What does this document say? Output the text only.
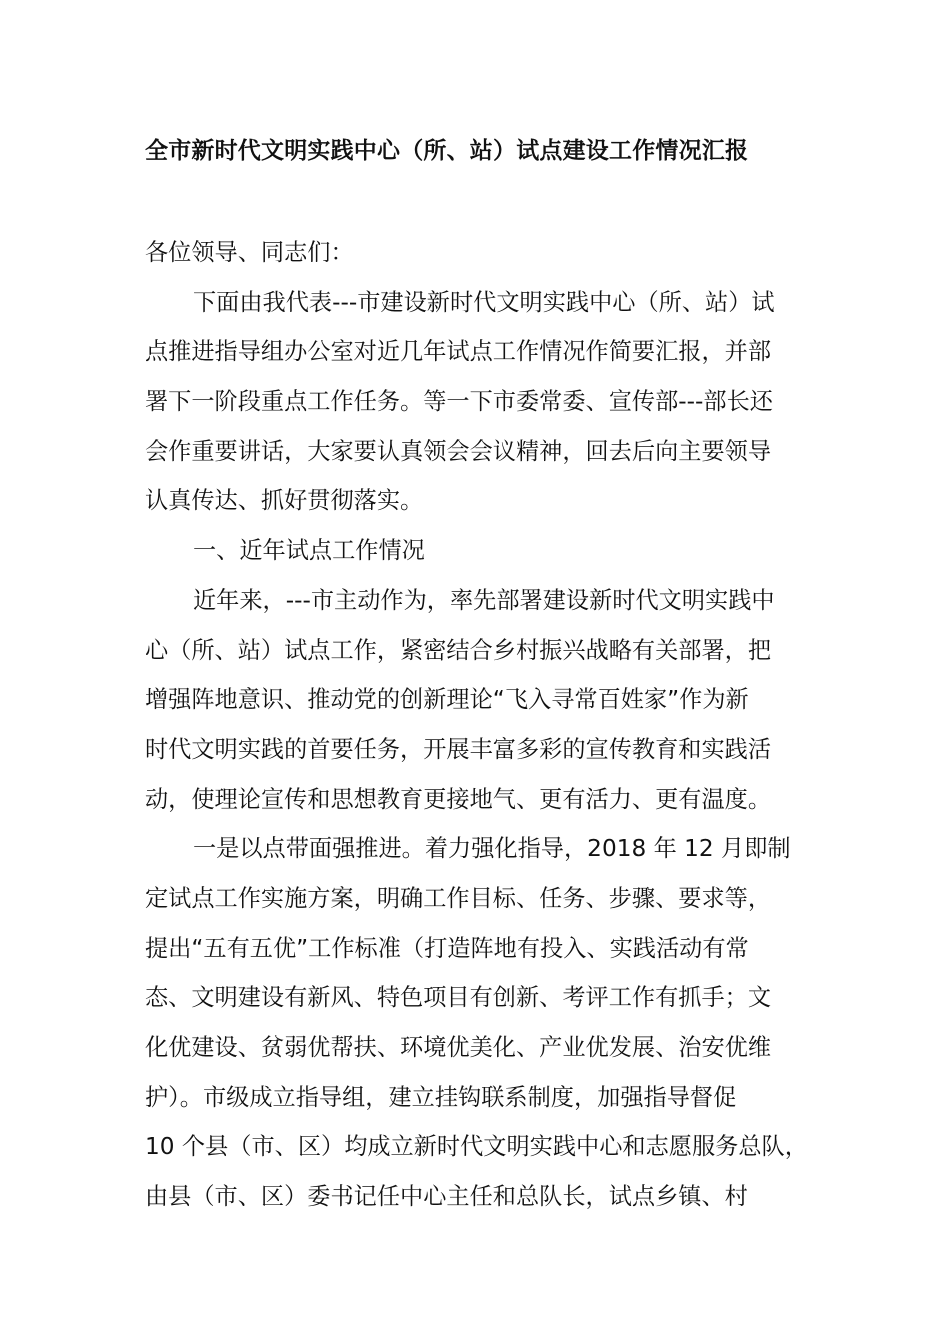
全市新时代文明实践中心（所、站）试点建设工作情况汇报
各位领导、同志们：
下面由我代表---市建设新时代文明实践中心（所、站）试
点推进指导组办公室对近几年试点工作情况作简要汇报，并部
署下一阶段重点工作任务。等一下市委常委、宣传部---部长还
会作重要讲话，大家要认真领会会议精神，回去后向主要领导
认真传达、抓好贯彻落实。
一、近年试点工作情况
近年来，---市主动作为，率先部署建设新时代文明实践中
心（所、站）试点工作，紧密结合乡村振兴战略有关部署，把
增强阵地意识、推动党的创新理论“飞入寻常百姓家”作为新
时代文明实践的首要任务，开展丰富多彩的宣传教育和实践活
动，使理论宣传和思想教育更接地气、更有活力、更有温度。
一是以点带面强推进。着力强化指导，2018 年 12 月即制
定试点工作实施方案，明确工作目标、任务、步骤、要求等，
提出“五有五优”工作标准（打造阵地有投入、实践活动有常
态、文明建设有新风、特色项目有创新、考评工作有抓手；文
化优建设、贫弱优帮扶、环境优美化、产业优发展、治安优维
护）。市级成立指导组，建立挂钩联系制度，加强指导督促
10 个县（市、区）均成立新时代文明实践中心和志愿服务总队，
由县（市、区）委书记任中心主任和总队长，试点乡镇、村
